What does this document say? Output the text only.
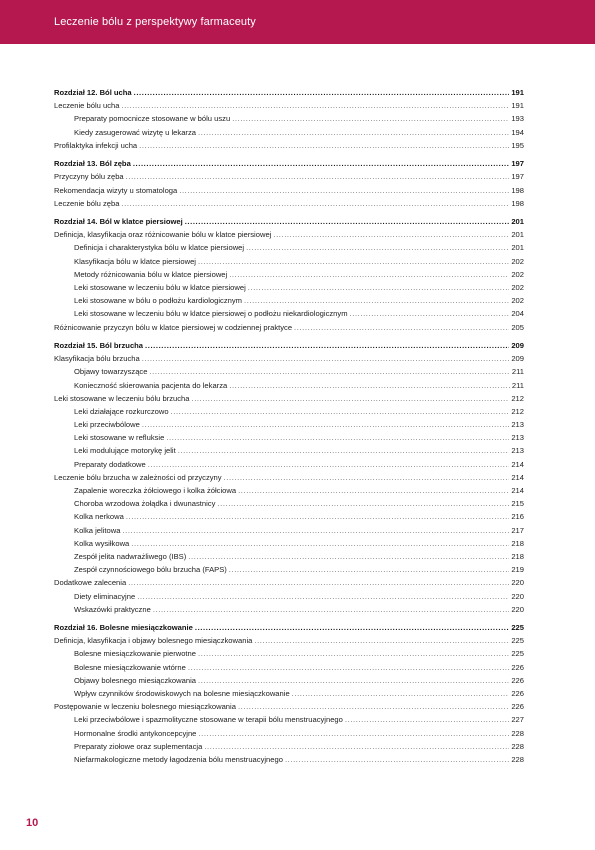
Leczenie bólu z perspektywy farmaceuty
Rozdział 12. Ból ucha .....	191
Leczenie bólu ucha .....	191
Preparaty pomocnicze stosowane w bólu uszu .....	193
Kiedy zasugerować wizytę u lekarza .....	194
Profilaktyka infekcji ucha .....	195
Rozdział 13. Ból zęba .....	197
Przyczyny bólu zęba .....	197
Rekomendacja wizyty u stomatologa .....	198
Leczenie bólu zęba .....	198
Rozdział 14. Ból w klatce piersiowej .....	201
Definicja, klasyfikacja oraz różnicowanie bólu w klatce piersiowej .....	201
Definicja i charakterystyka bólu w klatce piersiowej .....	201
Klasyfikacja bólu w klatce piersiowej .....	202
Metody różnicowania bólu w klatce piersiowej .....	202
Leki stosowane w leczeniu bólu w klatce piersiowej .....	202
Leki stosowane w bólu o podłożu kardiologicznym .....	202
Leki stosowane w leczeniu bólu w klatce piersiowej o podłożu niekardiologicznym .....	204
Różnicowanie przyczyn bólu w klatce piersiowej w codziennej praktyce .....	205
Rozdział 15. Ból brzucha .....	209
Klasyfikacja bólu brzucha .....	209
Objawy towarzyszące .....	211
Konieczność skierowania pacjenta do lekarza .....	211
Leki stosowane w leczeniu bólu brzucha .....	212
Leki działające rozkurczowo .....	212
Leki przeciwbólowe .....	213
Leki stosowane w refluksie .....	213
Leki modulujące motorykę jelit .....	213
Preparaty dodatkowe .....	214
Leczenie bólu brzucha w zależności od przyczyny .....	214
Zapalenie woreczka żółciowego i kolka żółciowa .....	214
Choroba wrzodowa żołądka i dwunastnicy .....	215
Kolka nerkowa .....	216
Kolka jelitowa .....	217
Kolka wysiłkowa .....	218
Zespół jelita nadwrażliwego (IBS) .....	218
Zespół czynnościowego bólu brzucha (FAPS) .....	219
Dodatkowe zalecenia .....	220
Diety eliminacyjne .....	220
Wskazówki praktyczne .....	220
Rozdział 16. Bolesne miesiączkowanie .....	225
Definicja, klasyfikacja i objawy bolesnego miesiączkowania .....	225
Bolesne miesiączkowanie pierwotne .....	225
Bolesne miesiączkowanie wtórne .....	226
Objawy bolesnego miesiączkowania .....	226
Wpływ czynników środowiskowych na bolesne miesiączkowanie .....	226
Postępowanie w leczeniu bolesnego miesiączkowania .....	226
Leki przeciwbólowe i spazmolityczne stosowane w terapii bólu menstruacyjnego .....	227
Hormonalne środki antykoncepcyjne .....	228
Preparaty ziołowe oraz suplementacja .....	228
Niefarmakologiczne metody łagodzenia bólu menstruacyjnego .....	228
10
